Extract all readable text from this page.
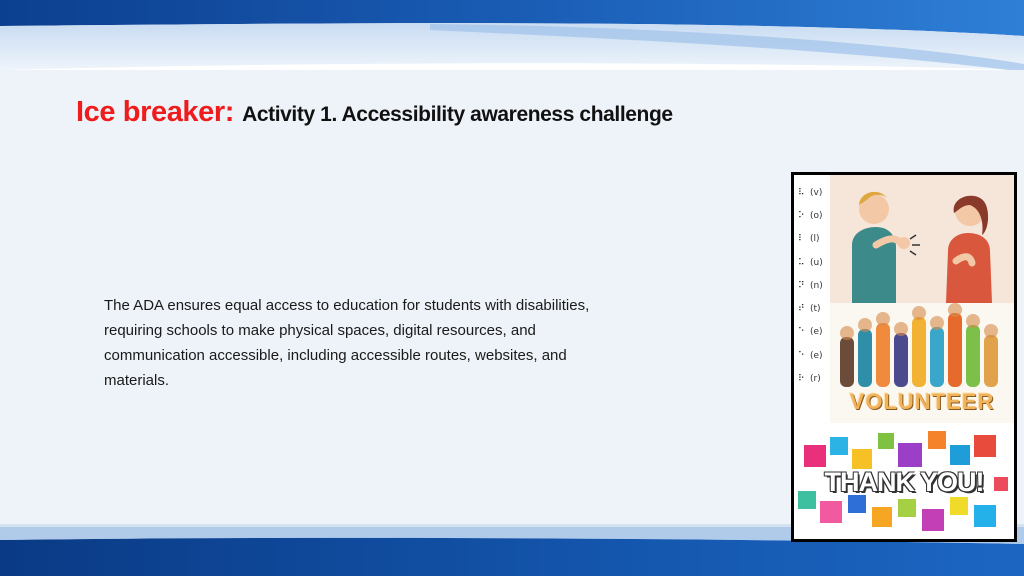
Ice breaker: Activity 1. Accessibility awareness challenge
The ADA ensures equal access to education for students with disabilities, requiring schools to make physical spaces, digital resources, and communication accessible, including accessible routes, websites, and materials.
⠧ (v)
⠕ (o)
⠇ (l)
⠥ (u)
⠝ (n)
⠞ (t)
⠑ (e)
⠑ (e)
⠗ (r)
VOLUNTEER
THANK YOU!
